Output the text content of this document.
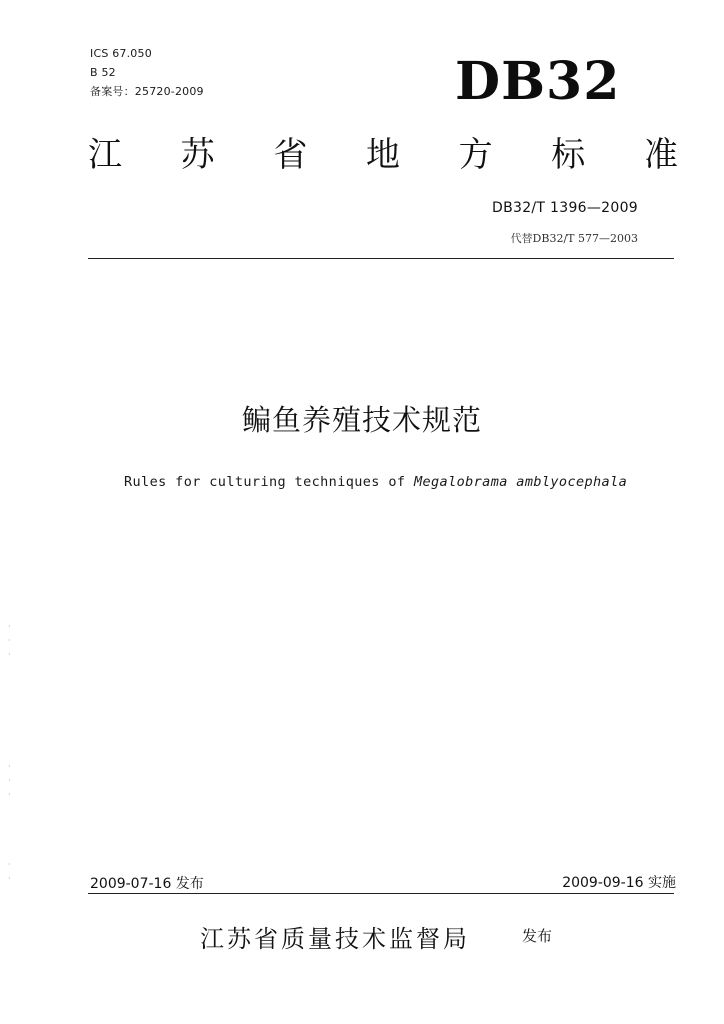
ICS 67.050
B 52
备案号：25720-2009	DB32
江 苏 省 地 方 标 准
DB32/T 1396—2009
代替DB32/T 577—2003
鳊鱼养殖技术规范
Rules for culturing techniques of Megalobrama amblyocephala
·
·
·

·
·
·

·
·	2009-07-16 发布	2009-09-16 实施
江苏省质量技术监督局	发布
